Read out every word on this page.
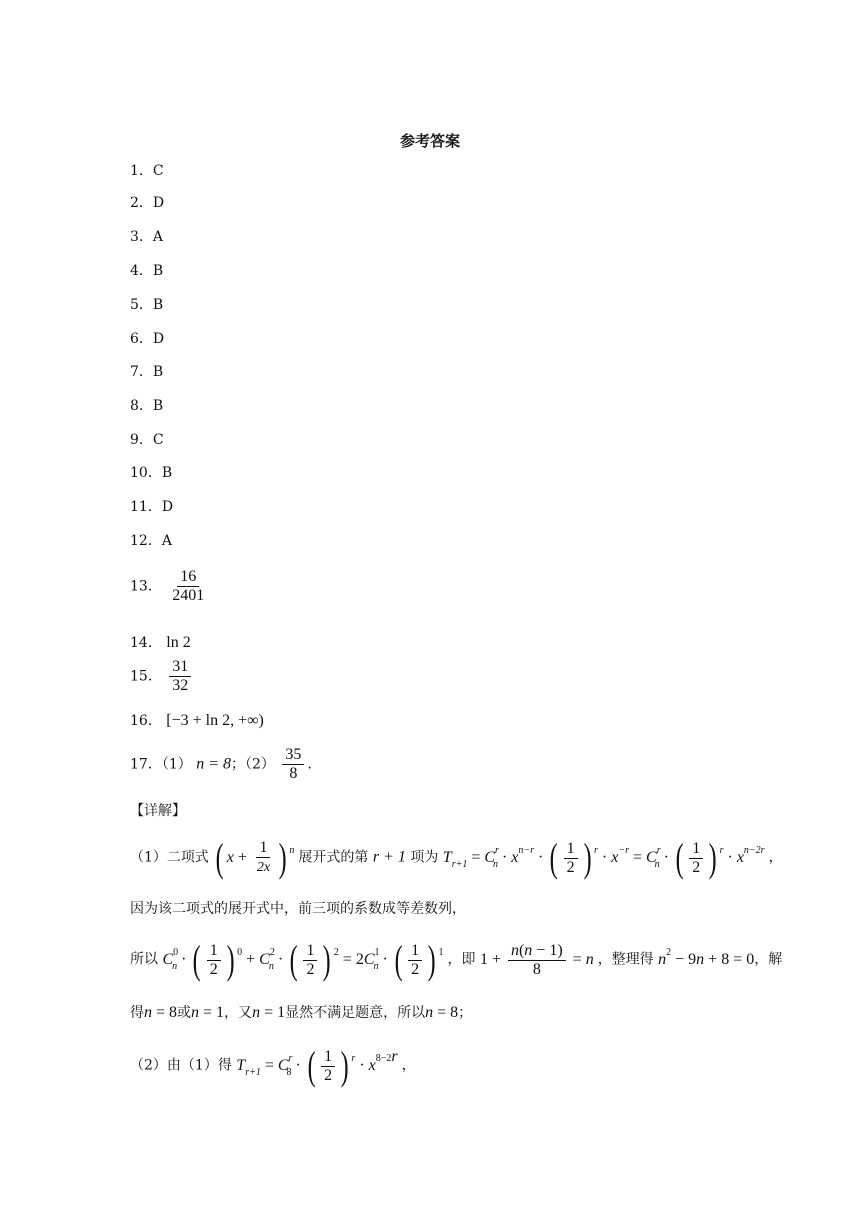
参考答案
1．C
2．D
3．A
4．B
5．B
6．D
7．B
8．B
9．C
10．B
11．D
12．A
13． $\frac{16}{2401}$
14． ln 2
15． $\frac{31}{32}$
16． [−3 + ln 2, +∞)
17．（1） n = 8；$(2) \frac{35}{8}$ .
【详解】
（1）二项式 ( $x + \frac{1}{2x}$ ) $^n$ 展开式的第 r + 1 项为 $T_{r+1} = C^r_n \cdot x^{n-r}$ · ( $\frac{1}{2}$ ) $^r \cdot x^{-r} = C^r_n$ · ( $\frac{1}{2}$ ) $^r \cdot x^{n-2r}$ ，
因为该二项式的展开式中，前三项的系数成等差数列，
所以 $C^0_n$ · ( $\frac{1}{2}$ ) $^0 + C^2_n$ · ( $\frac{1}{2}$ ) $^2 = 2C^1_n$ · ( $\frac{1}{2}$ ) $^1$ ，即 $1 + \frac{n(n - 1)}{8} = n$ ，整理得 $n^2 - 9n + 8 = 0$，解
得n = 8或n = 1，又n = 1显然不满足题意，所以n = 8；
（2）由（1）得 $T_{r+1} = C^r_8$ · ( $\frac{1}{2}$ ) $^r \cdot x^{8-2r}$ ，
